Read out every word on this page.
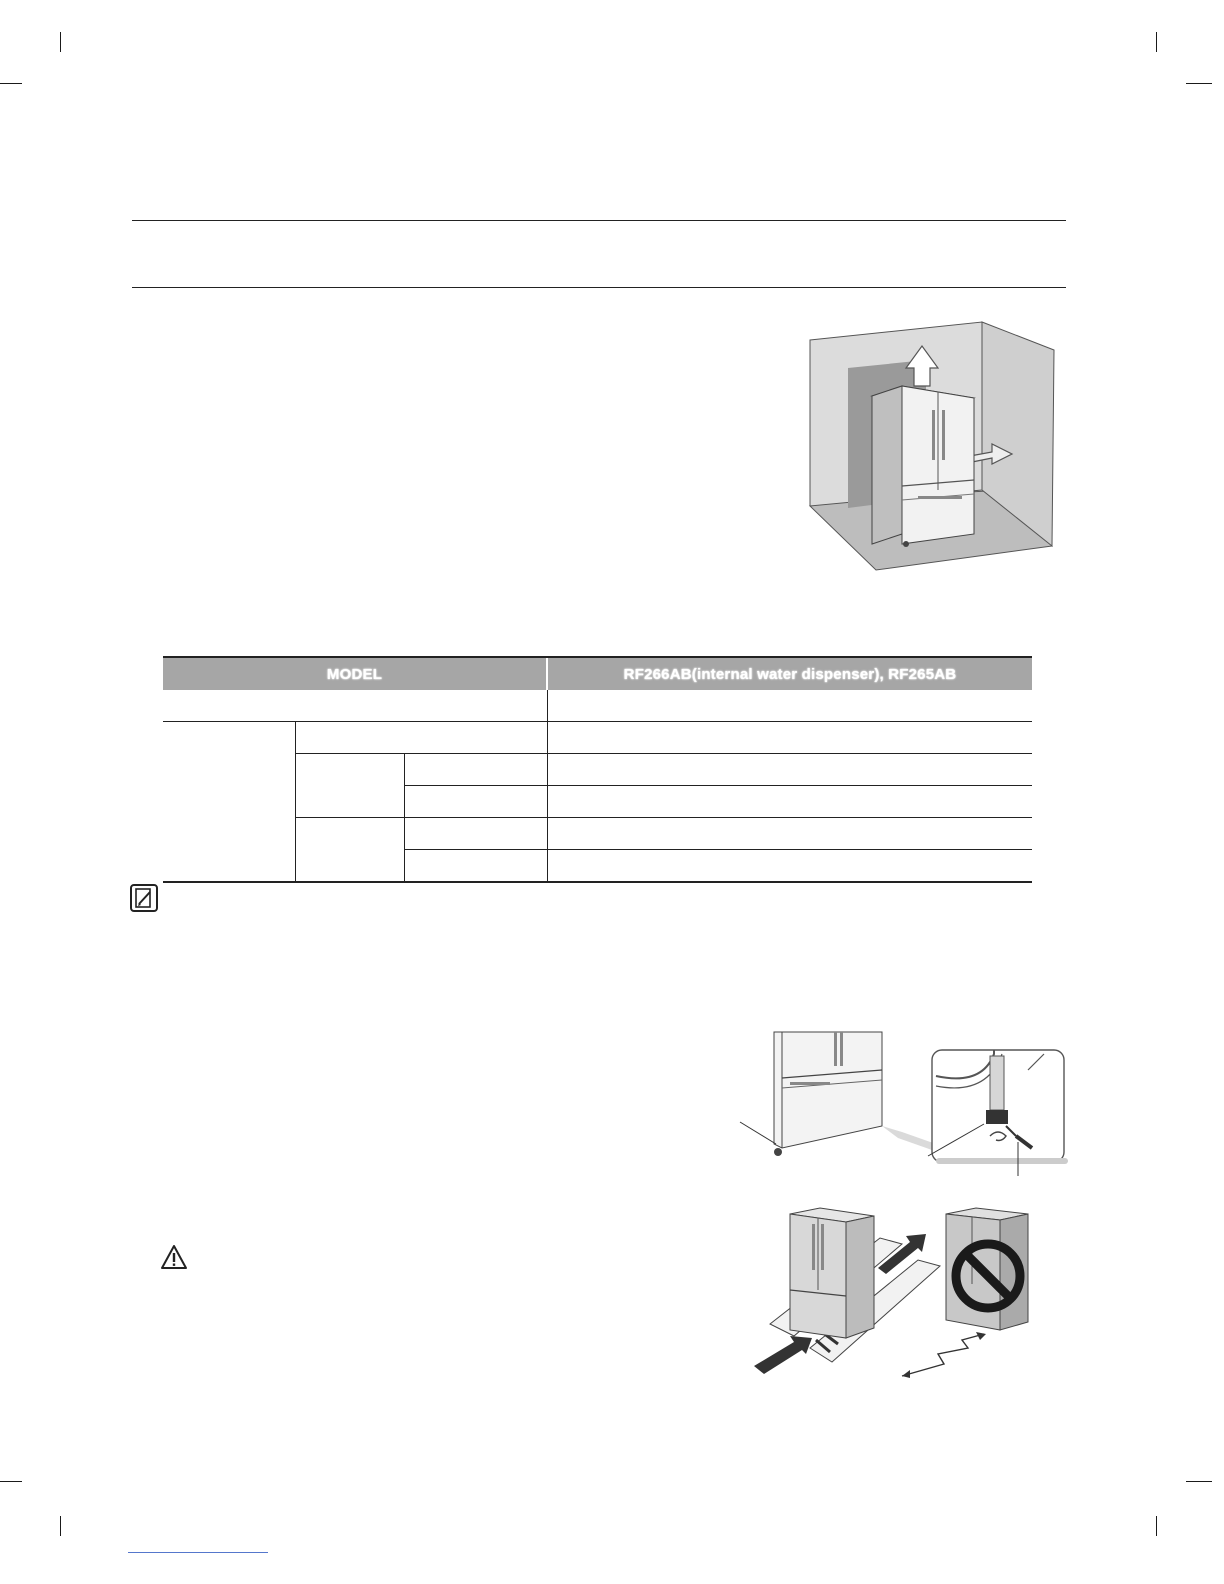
MODEL			RF266AB(internal water dispenser), RF265AB
